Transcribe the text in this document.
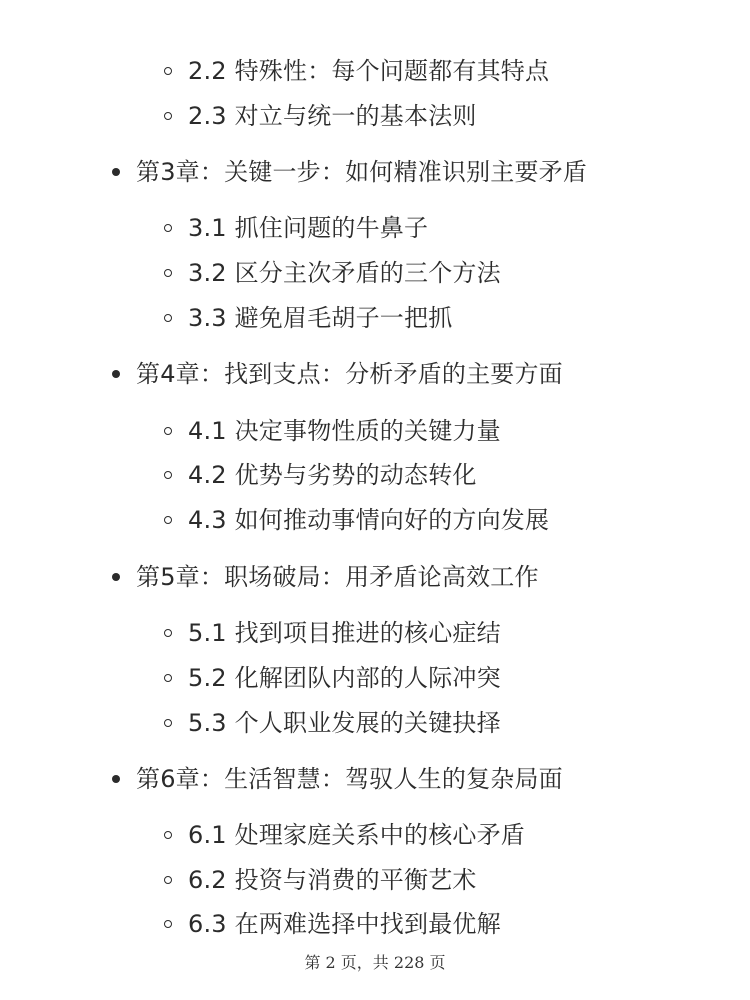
2.2 特殊性：每个问题都有其特点
2.3 对立与统一的基本法则
第3章：关键一步：如何精准识别主要矛盾
3.1 抓住问题的牛鼻子
3.2 区分主次矛盾的三个方法
3.3 避免眉毛胡子一把抓
第4章：找到支点：分析矛盾的主要方面
4.1 决定事物性质的关键力量
4.2 优势与劣势的动态转化
4.3 如何推动事情向好的方向发展
第5章：职场破局：用矛盾论高效工作
5.1 找到项目推进的核心症结
5.2 化解团队内部的人际冲突
5.3 个人职业发展的关键抉择
第6章：生活智慧：驾驭人生的复杂局面
6.1 处理家庭关系中的核心矛盾
6.2 投资与消费的平衡艺术
6.3 在两难选择中找到最优解
第 2 页，共 228 页
